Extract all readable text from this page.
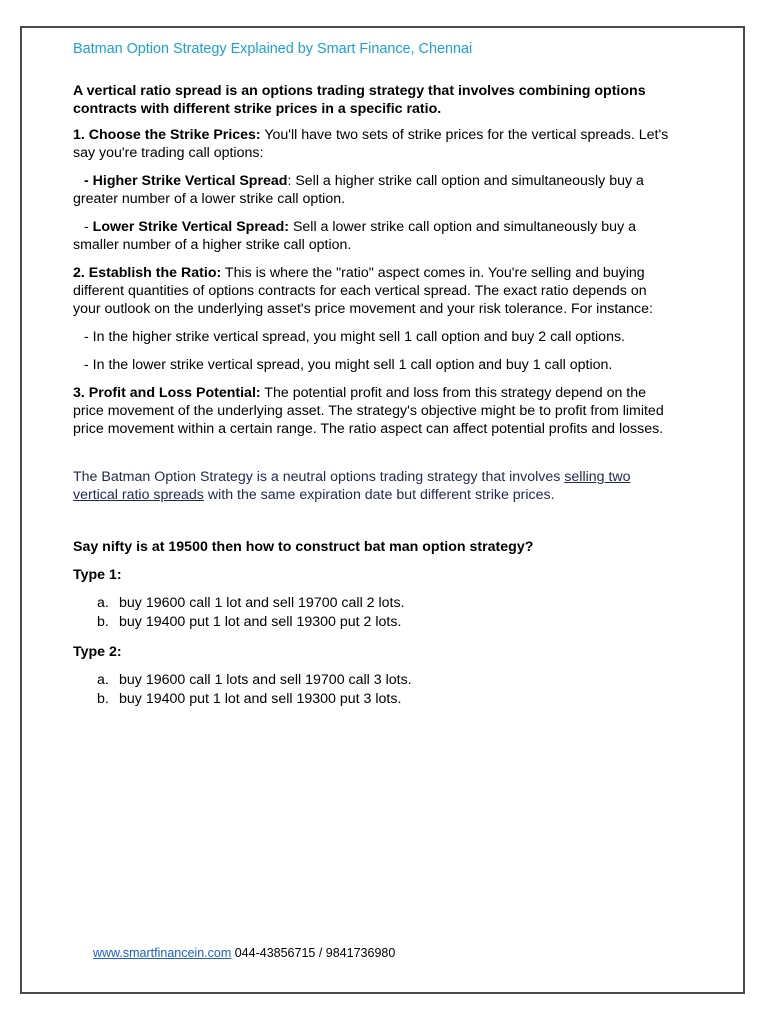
Batman Option Strategy Explained by Smart Finance, Chennai

A vertical ratio spread is an options trading strategy that involves combining options contracts with different strike prices in a specific ratio.

1. Choose the Strike Prices: You'll have two sets of strike prices for the vertical spreads. Let's say you're trading call options:

- Higher Strike Vertical Spread: Sell a higher strike call option and simultaneously buy a greater number of a lower strike call option.

- Lower Strike Vertical Spread: Sell a lower strike call option and simultaneously buy a smaller number of a higher strike call option.

2. Establish the Ratio: This is where the "ratio" aspect comes in. You're selling and buying different quantities of options contracts for each vertical spread. The exact ratio depends on your outlook on the underlying asset's price movement and your risk tolerance. For instance:

- In the higher strike vertical spread, you might sell 1 call option and buy 2 call options.

- In the lower strike vertical spread, you might sell 1 call option and buy 1 call option.

3. Profit and Loss Potential: The potential profit and loss from this strategy depend on the price movement of the underlying asset. The strategy's objective might be to profit from limited price movement within a certain range. The ratio aspect can affect potential profits and losses.

The Batman Option Strategy is a neutral options trading strategy that involves selling two vertical ratio spreads with the same expiration date but different strike prices.

Say nifty is at 19500 then how to construct bat man option strategy?

Type 1:
a. buy 19600 call 1 lot and sell 19700 call 2 lots.
b. buy 19400 put 1 lot and sell 19300 put 2 lots.
Type 2:
a. buy 19600 call 1 lots and sell 19700 call 3 lots.
b. buy 19400 put 1 lot and sell 19300 put 3 lots.
www.smartfinancein.com 044-43856715 / 9841736980
